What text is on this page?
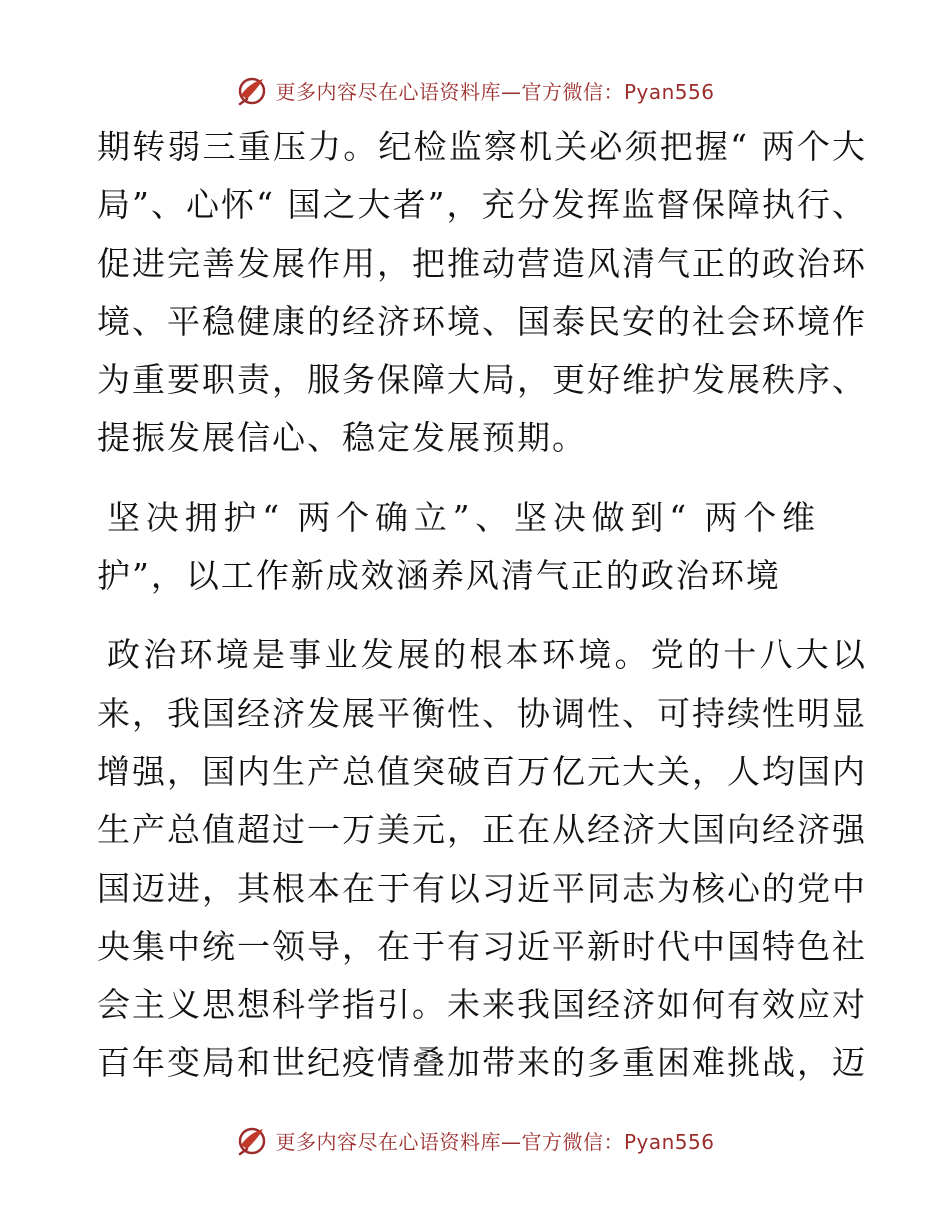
更多内容尽在心语资料库—官方微信：Pyan556

期转弱三重压力。纪检监察机关必须把握“ 两个大局”、心怀“ 国之大者”，充分发挥监督保障执行、促进完善发展作用，把推动营造风清气正的政治环境、平稳健康的经济环境、国泰民安的社会环境作为重要职责，服务保障大局，更好维护发展秩序、提振发展信心、稳定发展预期。

坚决拥护“ 两个确立”、坚决做到“ 两个维护”，以工作新成效涵养风清气正的政治环境

政治环境是事业发展的根本环境。党的十八大以来，我国经济发展平衡性、协调性、可持续性明显增强，国内生产总值突破百万亿元大关，人均国内生产总值超过一万美元，正在从经济大国向经济强国迈进，其根本在于有以习近平同志为核心的党中央集中统一领导，在于有习近平新时代中国特色社会主义思想科学指引。未来我国经济如何有效应对百年变局和世纪疫情叠加带来的多重困难挑战，迈

更多内容尽在心语资料库—官方微信：Pyan556
